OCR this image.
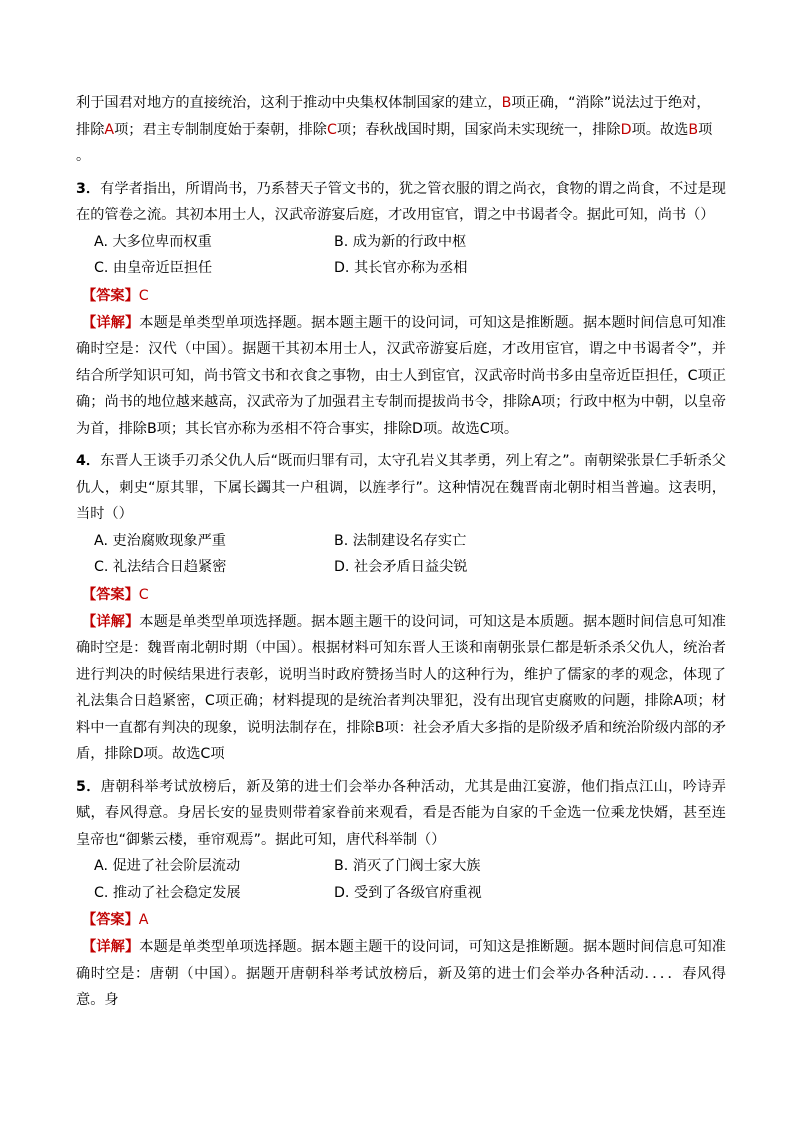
利于国君对地方的直接统治，这利于推动中央集权体制国家的建立，B项正确，“消除”说法过于绝对，

排除A项；君主专制制度始于秦朝，排除C项；春秋战国时期，国家尚未实现统一，排除D项。故选B项

。

3．有学者指出，所谓尚书，乃系替天子管文书的，犹之管衣服的谓之尚衣，食物的谓之尚食，不过是现在的管卷之流。其初本用士人，汉武帝游宴后庭，才改用宦官，谓之中书谒者令。据此可知，尚书（）

A. 大多位卑而权重	B. 成为新的行政中枢
C. 由皇帝近臣担任	D. 其长官亦称为丞相
【答案】C

【详解】本题是单类型单项选择题。据本题主题干的设问词，可知这是推断题。据本题时间信息可知准确时空是：汉代（中国）。据题干其初本用士人，汉武帝游宴后庭，才改用宦官，谓之中书谒者令”，并结合所学知识可知，尚书管文书和衣食之事物，由士人到宦官，汉武帝时尚书多由皇帝近臣担任，C项正确；尚书的地位越来越高，汉武帝为了加强君主专制而提拔尚书令，排除A项；行政中枢为中朝，以皇帝为首，排除B项；其长官亦称为丞相不符合事实，排除D项。故选C项。

4．东晋人王谈手刃杀父仇人后“既而归罪有司，太守孔岩义其孝勇，列上宥之”。南朝梁张景仁手斩杀父仇人，刺史“原其罪，下属长蠲其一户租调，以旌孝行”。这种情况在魏晋南北朝时相当普遍。这表明，当时（）

A. 吏治腐败现象严重	B. 法制建设名存实亡
C. 礼法结合日趋紧密	D. 社会矛盾日益尖锐
【答案】C

【详解】本题是单类型单项选择题。据本题主题干的设问词，可知这是本质题。据本题时间信息可知准确时空是：魏晋南北朝时期（中国）。根据材料可知东晋人王谈和南朝张景仁都是斩杀杀父仇人，统治者进行判决的时候结果进行表彰，说明当时政府赞扬当时人的这种行为，维护了儒家的孝的观念，体现了礼法集合日趋紧密，C项正确；材料提现的是统治者判决罪犯，没有出现官吏腐败的问题，排除A项；材料中一直都有判决的现象，说明法制存在，排除B项：社会矛盾大多指的是阶级矛盾和统治阶级内部的矛盾，排除D项。故选C项

5．唐朝科举考试放榜后，新及第的进士们会举办各种活动，尤其是曲江宴游，他们指点江山，吟诗弄赋，春风得意。身居长安的显贵则带着家眷前来观看，看是否能为自家的千金选一位乘龙快婿，甚至连皇帝也“御紫云楼，垂帘观焉”。据此可知，唐代科举制（）

A. 促进了社会阶层流动	B. 消灭了门阀士家大族
C. 推动了社会稳定发展	D. 受到了各级官府重视
【答案】A

【详解】本题是单类型单项选择题。据本题主题干的设问词，可知这是推断题。据本题时间信息可知准确时空是：唐朝（中国）。据题开唐朝科举考试放榜后，新及第的进士们会举办各种活动．．．．春风得意。身
